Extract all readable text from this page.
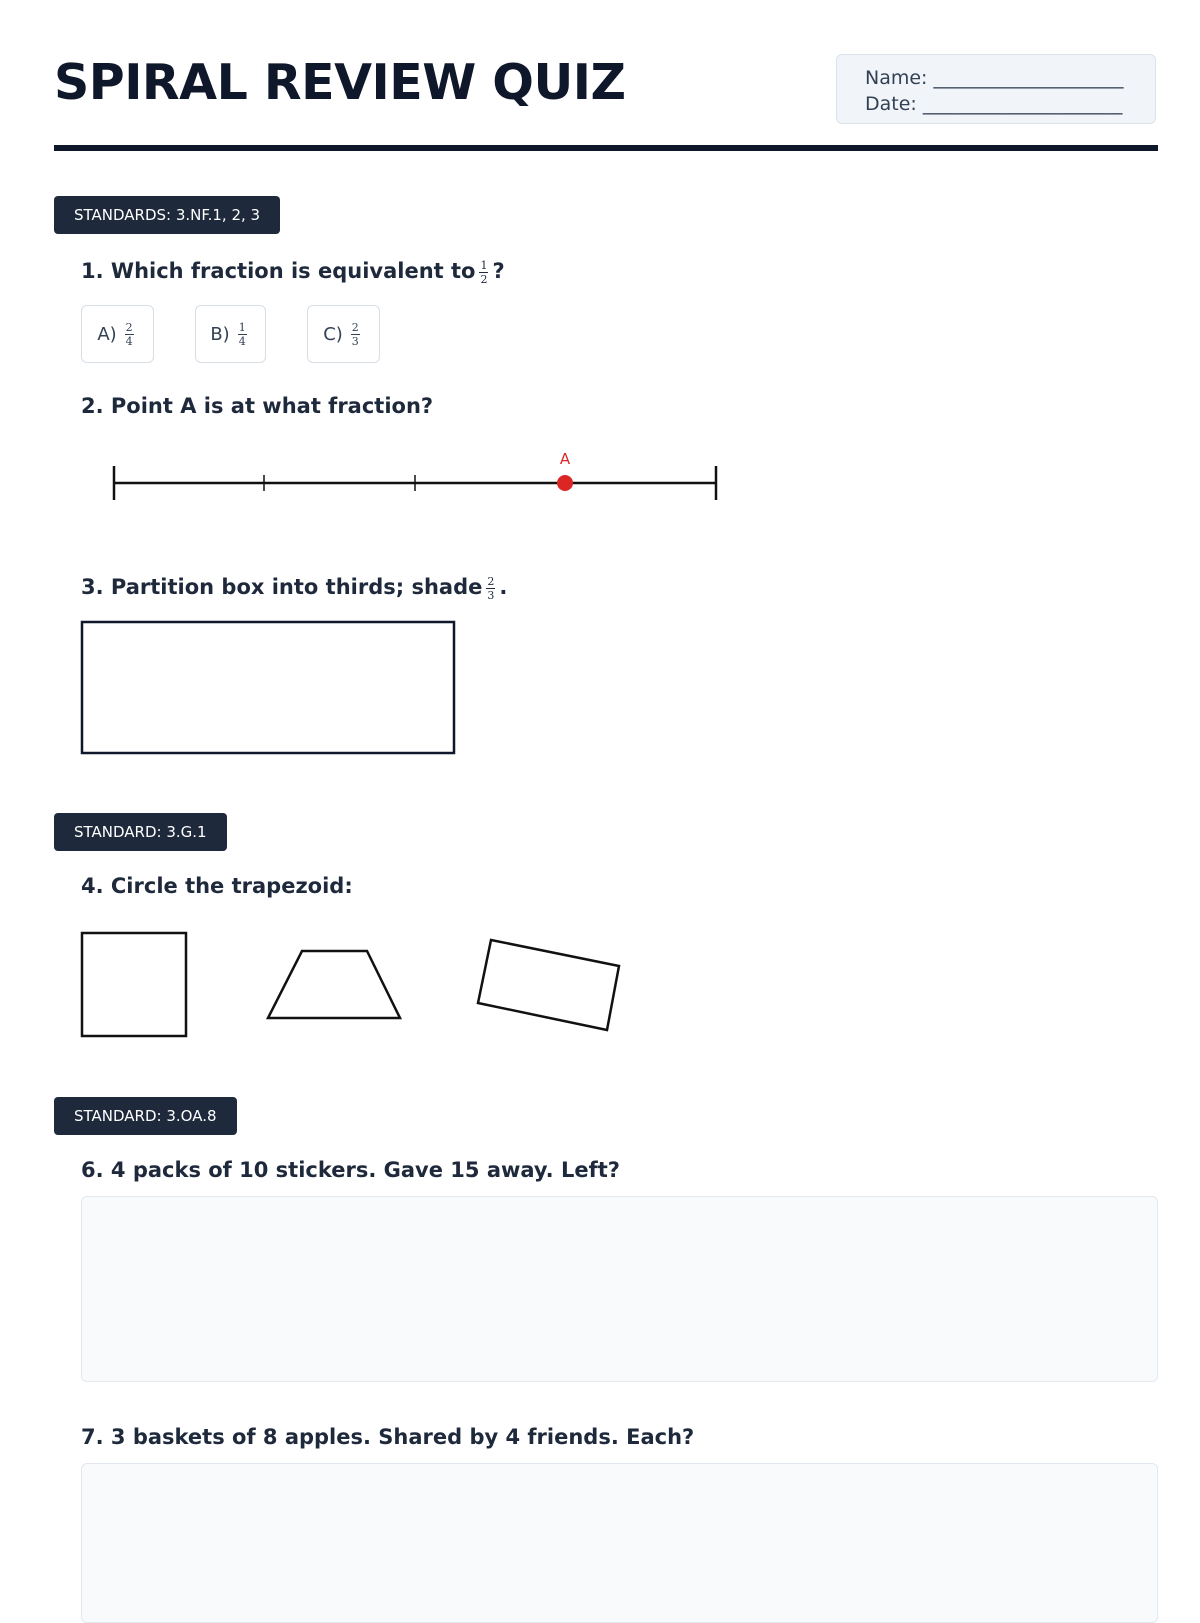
SPIRAL REVIEW QUIZ	Name: ____________________
Date: _____________________
STANDARDS: 3.NF.1, 2, 3
1. Which fraction is equivalent to $\frac{1}{2}$ ?
$A) \frac{2}{4}$	$B) \frac{1}{4}$	$C) \frac{2}{3}$
2. Point A is at what fraction?
A
3. Partition box into thirds; shade $\frac{2}{3}$ .
STANDARD: 3.G.1
4. Circle the trapezoid:
STANDARD: 3.OA.8
6. 4 packs of 10 stickers. Gave 15 away. Left?
7. 3 baskets of 8 apples. Shared by 4 friends. Each?
